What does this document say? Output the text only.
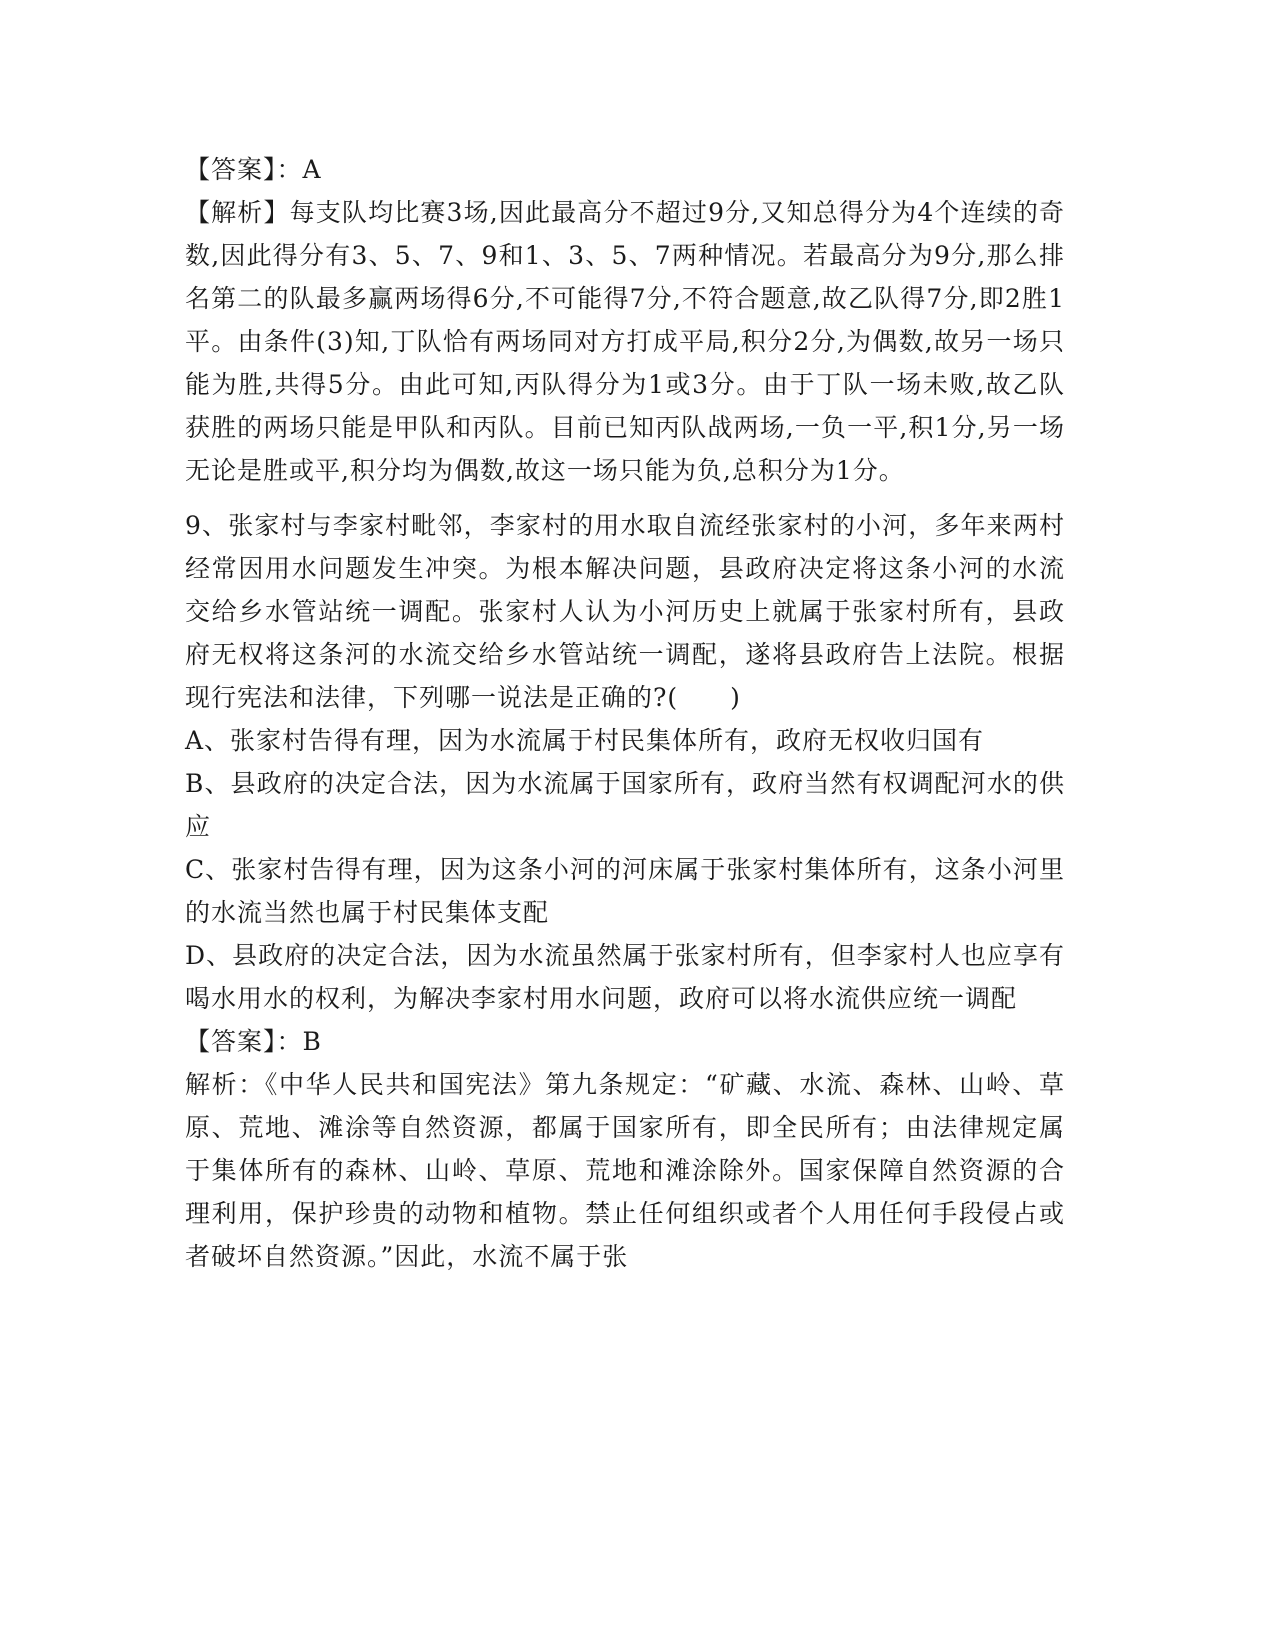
【答案】：A

【解析】每支队均比赛3场,因此最高分不超过9分,又知总得分为4个连续的奇数,因此得分有3、5、7、9和1、3、5、7两种情况。若最高分为9分,那么排名第二的队最多赢两场得6分,不可能得7分,不符合题意,故乙队得7分,即2胜1平。由条件(3)知,丁队恰有两场同对方打成平局,积分2分,为偶数,故另一场只能为胜,共得5分。由此可知,丙队得分为1或3分。由于丁队一场未败,故乙队获胜的两场只能是甲队和丙队。目前已知丙队战两场,一负一平,积1分,另一场无论是胜或平,积分均为偶数,故这一场只能为负,总积分为1分。

9、张家村与李家村毗邻，李家村的用水取自流经张家村的小河，多年来两村经常因用水问题发生冲突。为根本解决问题，县政府决定将这条小河的水流交给乡水管站统一调配。张家村人认为小河历史上就属于张家村所有，县政府无权将这条河的水流交给乡水管站统一调配，遂将县政府告上法院。根据现行宪法和法律，下列哪一说法是正确的?(　　)

A、张家村告得有理，因为水流属于村民集体所有，政府无权收归国有

B、县政府的决定合法，因为水流属于国家所有，政府当然有权调配河水的供应

C、张家村告得有理，因为这条小河的河床属于张家村集体所有，这条小河里的水流当然也属于村民集体支配

D、县政府的决定合法，因为水流虽然属于张家村所有，但李家村人也应享有喝水用水的权利，为解决李家村用水问题，政府可以将水流供应统一调配

【答案】：B

解析：《中华人民共和国宪法》第九条规定：“矿藏、水流、森林、山岭、草原、荒地、滩涂等自然资源，都属于国家所有，即全民所有；由法律规定属于集体所有的森林、山岭、草原、荒地和滩涂除外。国家保障自然资源的合理利用，保护珍贵的动物和植物。禁止任何组织或者个人用任何手段侵占或者破坏自然资源。”因此，水流不属于张
